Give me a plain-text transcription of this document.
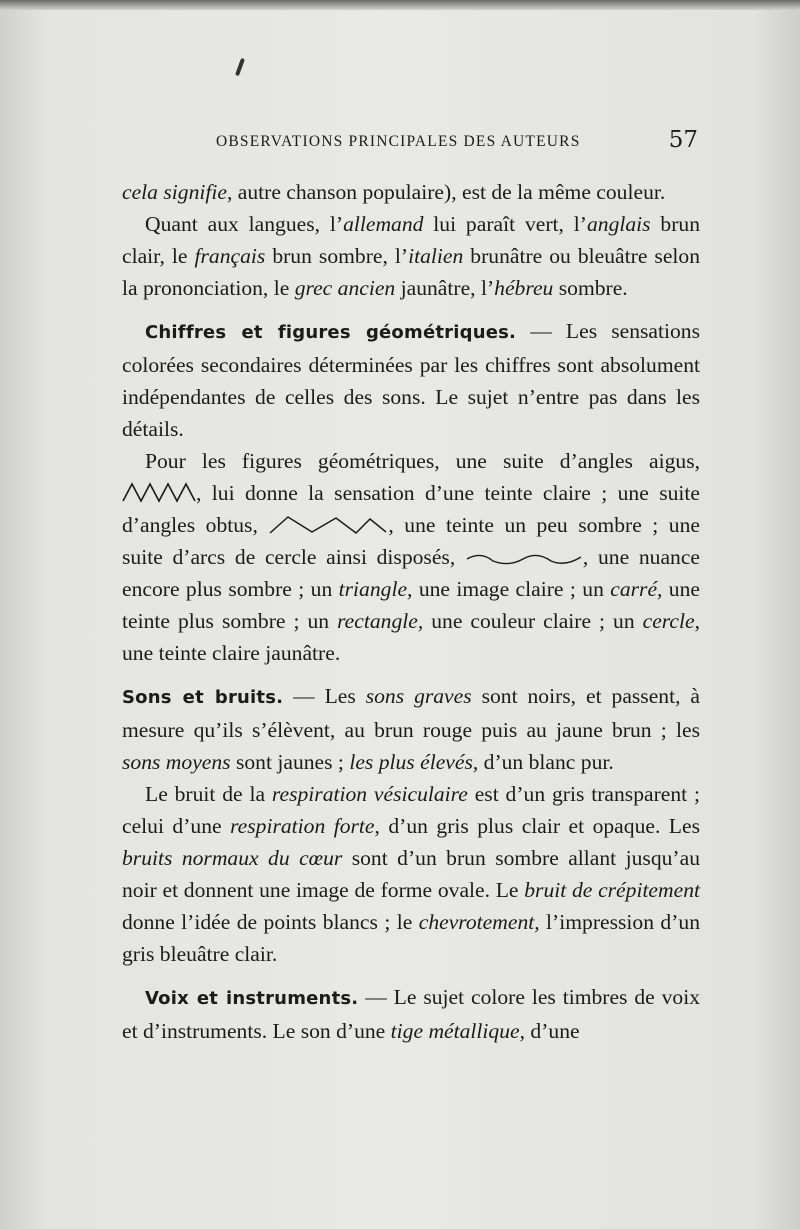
OBSERVATIONS PRINCIPALES DES AUTEURS	57

cela signifie, autre chanson populaire), est de la même couleur.

Quant aux langues, l’allemand lui paraît vert, l’anglais brun clair, le français brun sombre, l’italien brunâtre ou bleuâtre selon la prononciation, le grec ancien jaunâtre, l’hébreu sombre.

Chiffres et figures géométriques. — Les sensations colorées secondaires déterminées par les chiffres sont absolument indépendantes de celles des sons. Le sujet n’entre pas dans les détails.

Pour les figures géométriques, une suite d’angles aigus, , lui donne la sensation d’une teinte claire ; une suite d’angles obtus,	, une teinte un peu sombre ; une suite d’arcs de cercle ainsi disposés,	, une nuance encore plus sombre ; un triangle, une image claire ; un carré, une teinte plus sombre ; un rectangle, une couleur claire ; un cercle, une teinte claire jaunâtre.

Sons et bruits. — Les sons graves sont noirs, et passent, à mesure qu’ils s’élèvent, au brun rouge puis au jaune brun ; les sons moyens sont jaunes ; les plus élevés, d’un blanc pur.

Le bruit de la respiration vésiculaire est d’un gris transparent ; celui d’une respiration forte, d’un gris plus clair et opaque. Les bruits normaux du cœur sont d’un brun sombre allant jusqu’au noir et donnent une image de forme ovale. Le bruit de crépitement donne l’idée de points blancs ; le chevrotement, l’impression d’un gris bleuâtre clair.

Voix et instruments. — Le sujet colore les timbres de voix et d’instruments. Le son d’une tige métallique, d’une
